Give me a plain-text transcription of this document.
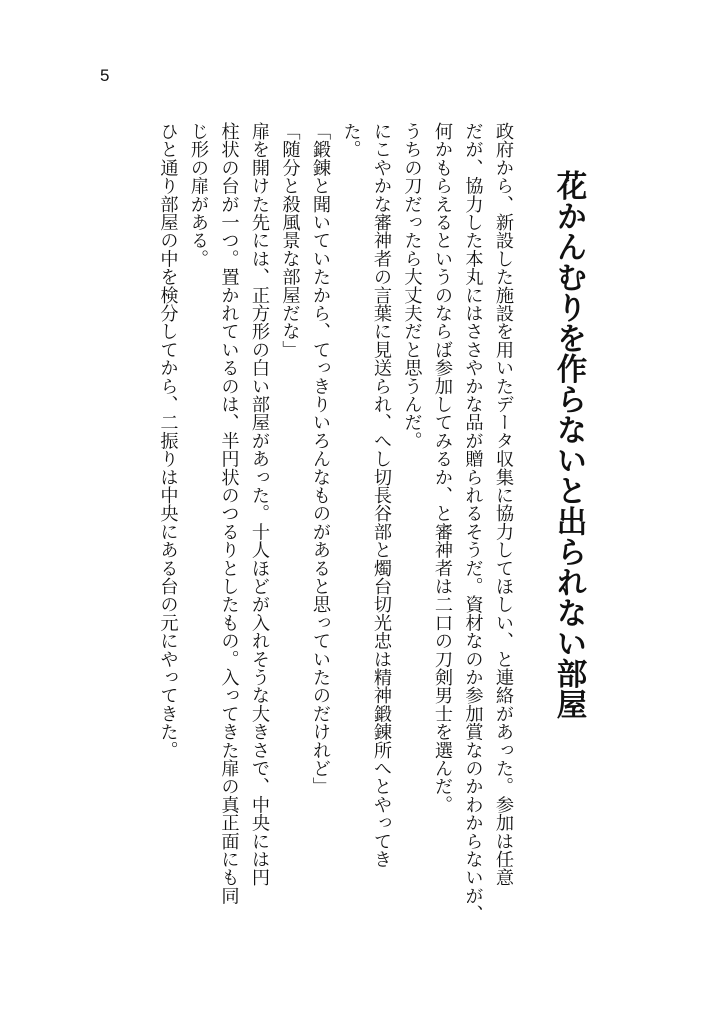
5
花かんむりを作らないと出られない部屋
政府から、新設した施設を用いたデータ収集に協力してほしい、と連絡があった。参加は任意
だが、協力した本丸にはささやかな品が贈られるそうだ。資材なのか参加賞なのかわからないが、
何かもらえるというのならば参加してみるか、と審神者は二口の刀剣男士を選んだ。
うちの刀だったら大丈夫だと思うんだ。
にこやかな審神者の言葉に見送られ、へし切長谷部と燭台切光忠は精神鍛錬所へとやってき
た。
「鍛錬と聞いていたから、てっきりいろんなものがあると思っていたのだけれど」
「随分と殺風景な部屋だな」
扉を開けた先には、正方形の白い部屋があった。十人ほどが入れそうな大きさで、中央には円
柱状の台が一つ。置かれているのは、半円状のつるりとしたもの。入ってきた扉の真正面にも同
じ形の扉がある。
ひと通り部屋の中を検分してから、二振りは中央にある台の元にやってきた。
